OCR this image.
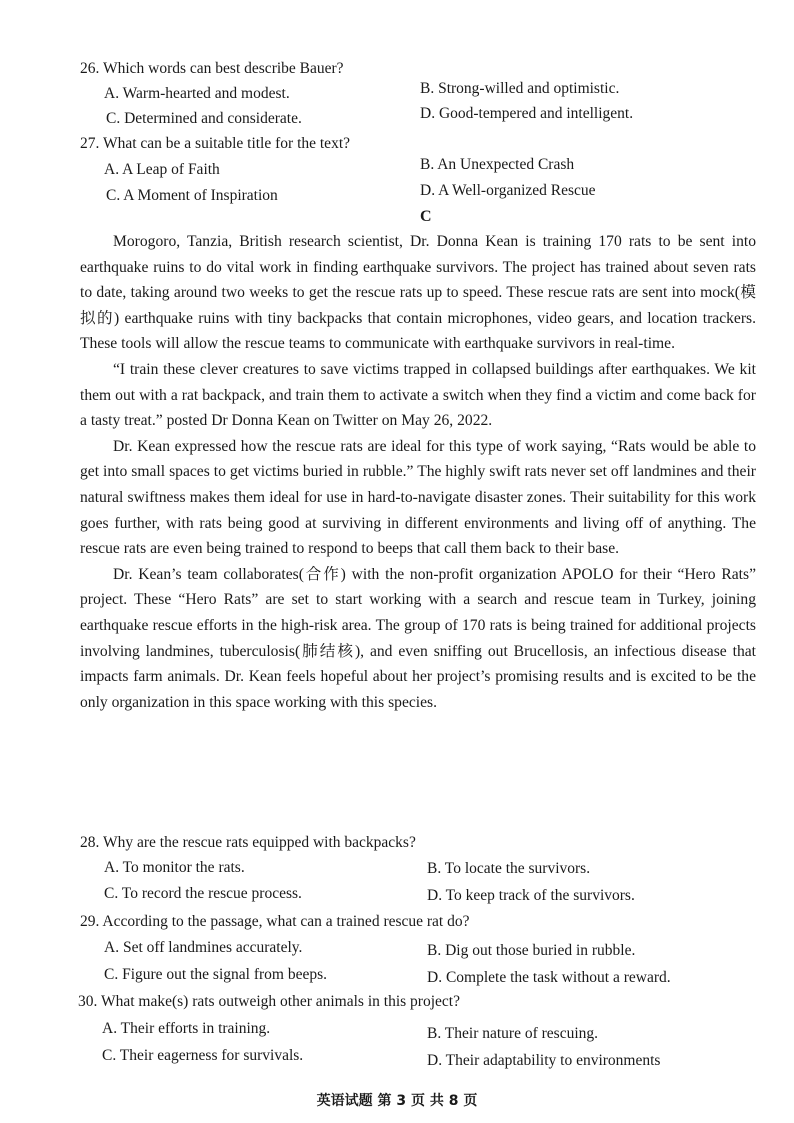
26. Which words can best describe Bauer?
A. Warm-hearted and modest.	B. Strong-willed and optimistic.
C. Determined and considerate.	D. Good-tempered and intelligent.
27. What can be a suitable title for the text?
A. A Leap of Faith	B. An Unexpected Crash
C. A Moment of Inspiration	D. A Well-organized Rescue
C

Morogoro, Tanzia, British research scientist, Dr. Donna Kean is training 170 rats to be sent into earthquake ruins to do vital work in finding earthquake survivors. The project has trained about seven rats to date, taking around two weeks to get the rescue rats up to speed. These rescue rats are sent into mock(模拟的) earthquake ruins with tiny backpacks that contain microphones, video gears, and location trackers. These tools will allow the rescue teams to communicate with earthquake survivors in real-time.

“I train these clever creatures to save victims trapped in collapsed buildings after earthquakes. We kit them out with a rat backpack, and train them to activate a switch when they find a victim and come back for a tasty treat.” posted Dr Donna Kean on Twitter on May 26, 2022.

Dr. Kean expressed how the rescue rats are ideal for this type of work saying, “Rats would be able to get into small spaces to get victims buried in rubble.” The highly swift rats never set off landmines and their natural swiftness makes them ideal for use in hard-to-navigate disaster zones. Their suitability for this work goes further, with rats being good at surviving in different environments and living off of anything. The rescue rats are even being trained to respond to beeps that call them back to their base.

Dr. Kean’s team collaborates(合作) with the non-profit organization APOLO for their “Hero Rats” project. These “Hero Rats” are set to start working with a search and rescue team in Turkey, joining earthquake rescue efforts in the high-risk area. The group of 170 rats is being trained for additional projects involving landmines, tuberculosis(肺结核), and even sniffing out Brucellosis, an infectious disease that impacts farm animals. Dr. Kean feels hopeful about her project’s promising results and is excited to be the only organization in this space working with this species.

28. Why are the rescue rats equipped with backpacks?
A. To monitor the rats.	B. To locate the survivors.
C. To record the rescue process.	D. To keep track of the survivors.
29. According to the passage, what can a trained rescue rat do?
A. Set off landmines accurately.	B. Dig out those buried in rubble.
C. Figure out the signal from beeps.	D. Complete the task without a reward.
30. What make(s) rats outweigh other animals in this project?
A. Their efforts in training.	B. Their nature of rescuing.
C. Their eagerness for survivals.	D. Their adaptability to environments
英语试题 第 3 页 共 8 页
